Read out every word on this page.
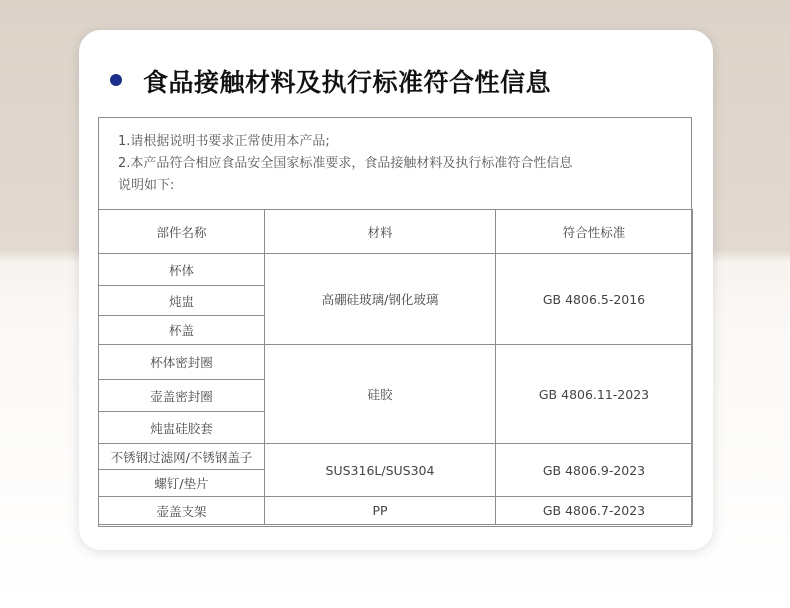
食品接触材料及执行标准符合性信息
1.请根据说明书要求正常使用本产品;
2.本产品符合相应食品安全国家标准要求，食品接触材料及执行标准符合性信息
说明如下:
部件名称	材料	符合性标准
杯体	高硼硅玻璃/钢化玻璃	GB 4806.5-2016
炖盅		
杯盖		
杯体密封圈	硅胶	GB 4806.11-2023
壶盖密封圈		
炖盅硅胶套		
不锈钢过滤网/不锈钢盖子	SUS316L/SUS304	GB 4806.9-2023
螺钉/垫片		
壶盖支架	PP	GB 4806.7-2023
